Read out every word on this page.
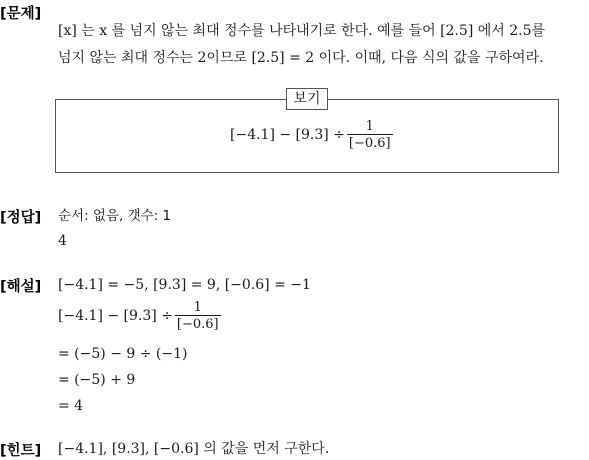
[문제]
[x] 는 x 를 넘지 않는 최대 정수를 나타내기로 한다. 예를 들어 [2.5] 에서 2.5를
넘지 않는 최대 정수는 2이므로 [2.5] = 2 이다. 이때, 다음 식의 값을 구하여라.
보기
$[-4.1] - [9.3] \div \frac{1}{[-0.6]}$
[정답] 순서: 없음, 갯수: 1
4
[해설] [−4.1] = −5, [9.3] = 9, [−0.6] = −1
$[-4.1] - [9.3] \div \frac{1}{[-0.6]}$
= (−5) − 9 ÷ (−1)
= (−5) + 9
= 4
[힌트] [−4.1], [9.3], [−0.6] 의 값을 먼저 구한다.
